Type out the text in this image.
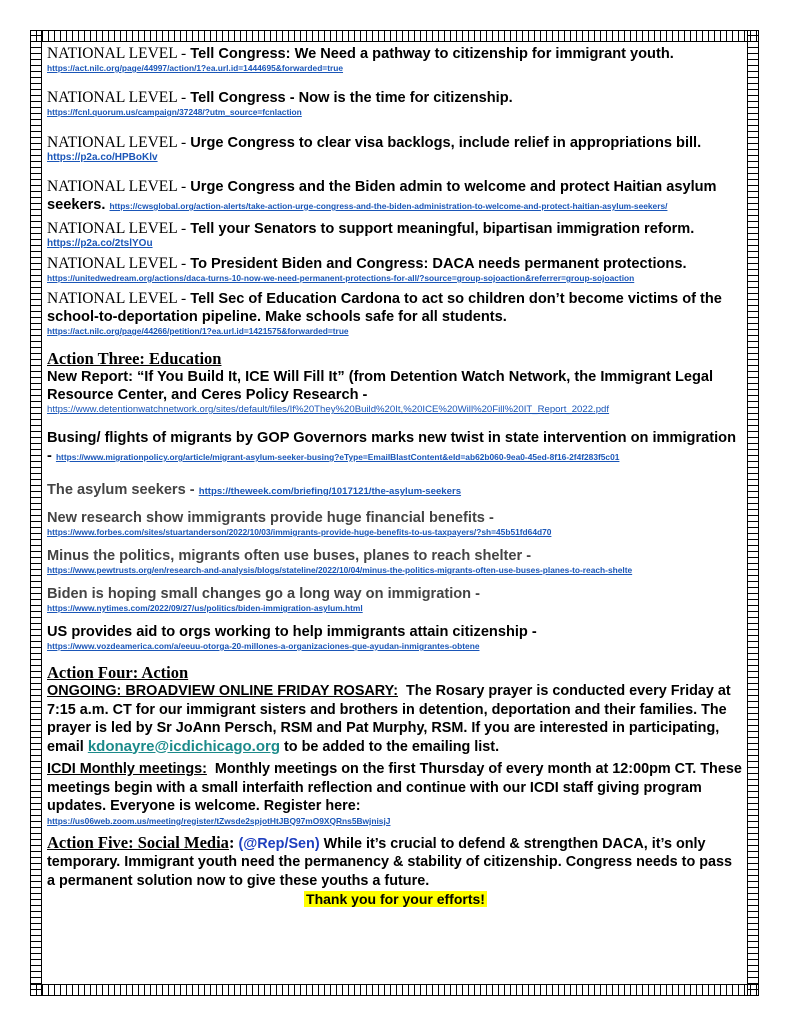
NATIONAL LEVEL - Tell Congress: We Need a pathway to citizenship for immigrant youth.
https://act.nilc.org/page/44997/action/1?ea.url.id=1444695&forwarded=true
NATIONAL LEVEL - Tell Congress - Now is the time for citizenship.
https://fcnl.quorum.us/campaign/37248/?utm_source=fcnlaction
NATIONAL LEVEL - Urge Congress to clear visa backlogs, include relief in appropriations bill.
https://p2a.co/HPBoKlv
NATIONAL LEVEL - Urge Congress and the Biden admin to welcome and protect Haitian asylum seekers. https://cwsglobal.org/action-alerts/take-action-urge-congress-and-the-biden-administration-to-welcome-and-protect-haitian-asylum-seekers/
NATIONAL LEVEL - Tell your Senators to support meaningful, bipartisan immigration reform.
https://p2a.co/2tslYOu
NATIONAL LEVEL - To President Biden and Congress: DACA needs permanent protections.
https://unitedwedream.org/actions/daca-turns-10-now-we-need-permanent-protections-for-all/?source=group-sojoaction&referrer=group-sojoaction
NATIONAL LEVEL - Tell Sec of Education Cardona to act so children don’t become victims of the school-to-deportation pipeline. Make schools safe for all students.
https://act.nilc.org/page/44266/petition/1?ea.url.id=1421575&forwarded=true
Action Three: Education
New Report: “If You Build It, ICE Will Fill It” (from Detention Watch Network, the Immigrant Legal Resource Center, and Ceres Policy Research -
https://www.detentionwatchnetwork.org/sites/default/files/If%20They%20Build%20It,%20ICE%20Will%20Fill%20IT_Report_2022.pdf
Busing/ flights of migrants by GOP Governors marks new twist in state intervention on immigration - https://www.migrationpolicy.org/article/migrant-asylum-seeker-busing?eType=EmailBlastContent&eId=ab62b060-9ea0-45ed-8f16-2f4f283f5c01
The asylum seekers - https://theweek.com/briefing/1017121/the-asylum-seekers
New research show immigrants provide huge financial benefits -
https://www.forbes.com/sites/stuartanderson/2022/10/03/immigrants-provide-huge-benefits-to-us-taxpayers/?sh=45b51fd64d70
Minus the politics, migrants often use buses, planes to reach shelter -
https://www.pewtrusts.org/en/research-and-analysis/blogs/stateline/2022/10/04/minus-the-politics-migrants-often-use-buses-planes-to-reach-shelte
Biden is hoping small changes go a long way on immigration -
https://www.nytimes.com/2022/09/27/us/politics/biden-immigration-asylum.html
US provides aid to orgs working to help immigrants attain citizenship -
https://www.vozdeamerica.com/a/eeuu-otorga-20-millones-a-organizaciones-que-ayudan-inmigrantes-obtene
Action Four: Action
ONGOING: BROADVIEW ONLINE FRIDAY ROSARY: The Rosary prayer is conducted every Friday at 7:15 a.m. CT for our immigrant sisters and brothers in detention, deportation and their families. The prayer is led by Sr JoAnn Persch, RSM and Pat Murphy, RSM. If you are interested in participating, email kdonayre@icdichicago.org to be added to the emailing list.
ICDI Monthly meetings: Monthly meetings on the first Thursday of every month at 12:00pm CT. These meetings begin with a small interfaith reflection and continue with our ICDI staff giving program updates. Everyone is welcome. Register here:
https://us06web.zoom.us/meeting/register/tZwsde2spjotHtJBQ97mO9XQRns5BwjnisjJ
Action Five: Social Media: (@Rep/Sen) While it’s crucial to defend & strengthen DACA, it’s only temporary. Immigrant youth need the permanency & stability of citizenship. Congress needs to pass a permanent solution now to give these youths a future.
Thank you for your efforts!
